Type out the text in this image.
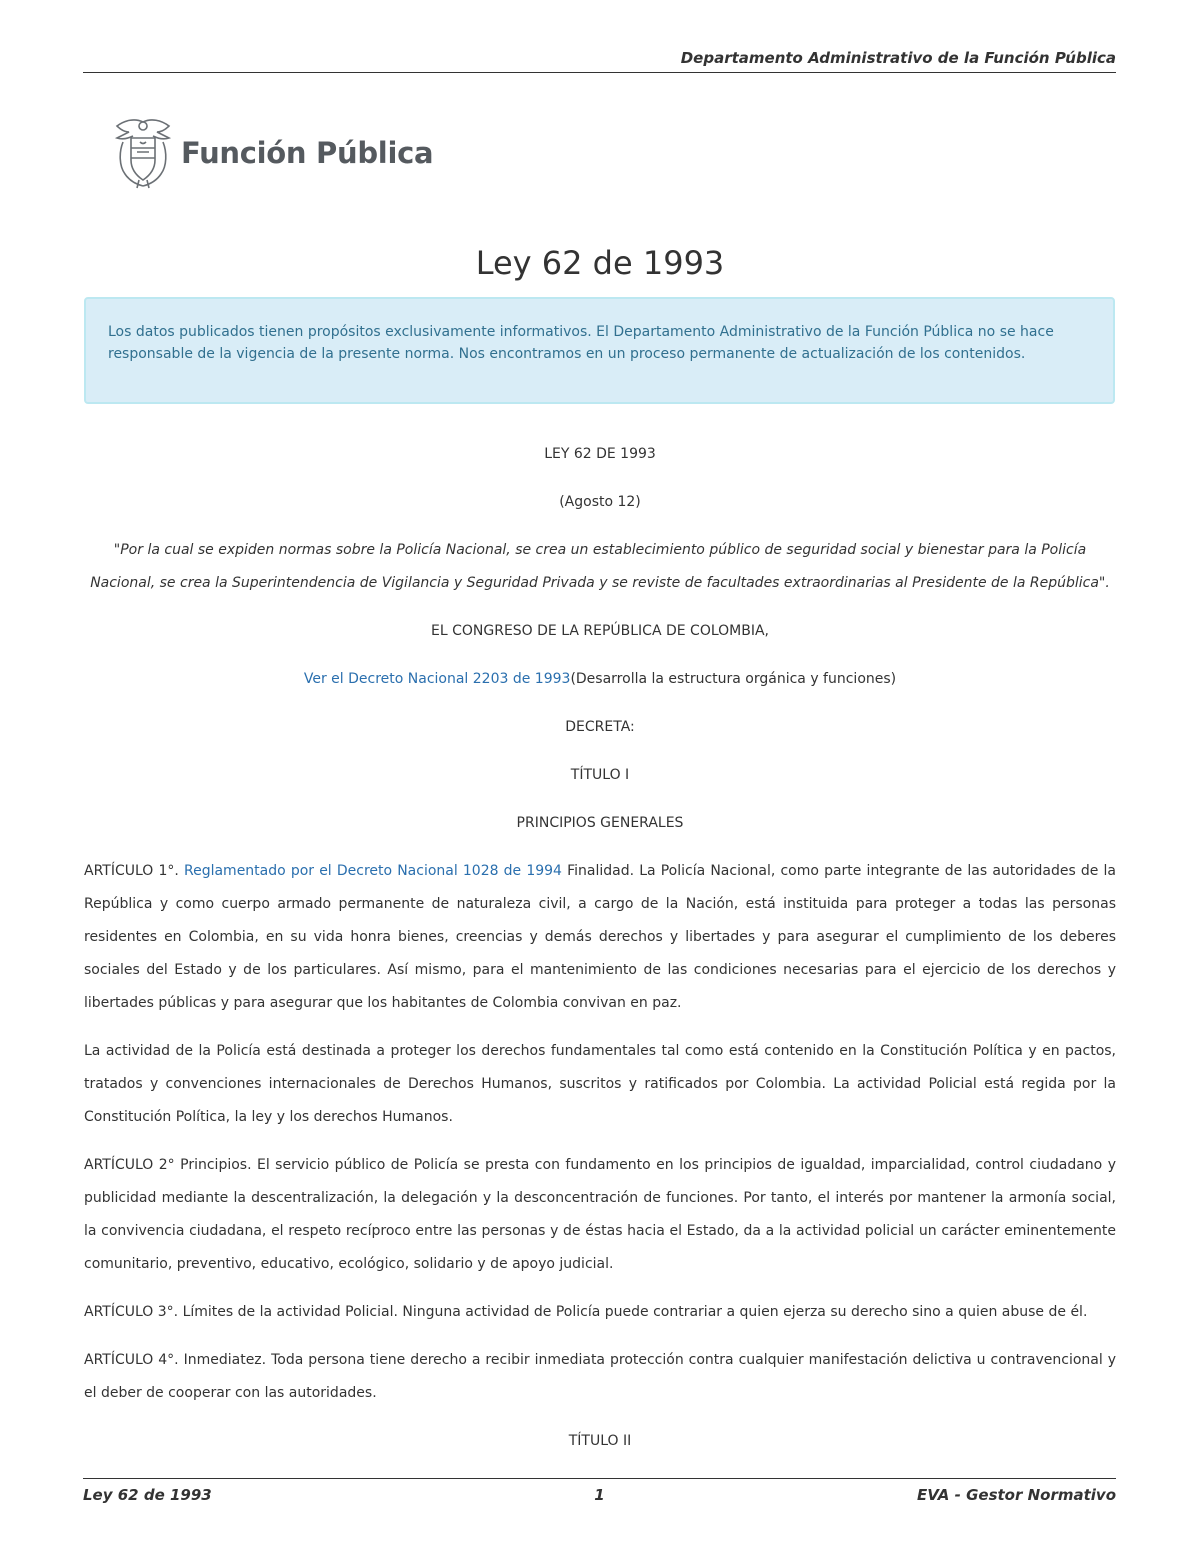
Departamento Administrativo de la Función Pública
Función Pública
Ley 62 de 1993
Los datos publicados tienen propósitos exclusivamente informativos. El Departamento Administrativo de la Función Pública no se hace responsable de la vigencia de la presente norma. Nos encontramos en un proceso permanente de actualización de los contenidos.

LEY 62 DE 1993

(Agosto 12)

"Por la cual se expiden normas sobre la Policía Nacional, se crea un establecimiento público de seguridad social y bienestar para la Policía Nacional, se crea la Superintendencia de Vigilancia y Seguridad Privada y se reviste de facultades extraordinarias al Presidente de la República".

EL CONGRESO DE LA REPÚBLICA DE COLOMBIA,

Ver el Decreto Nacional 2203 de 1993(Desarrolla la estructura orgánica y funciones)

DECRETA:

TÍTULO I

PRINCIPIOS GENERALES

ARTÍCULO 1°. Reglamentado por el Decreto Nacional 1028 de 1994 Finalidad. La Policía Nacional, como parte integrante de las autoridades de la República y como cuerpo armado permanente de naturaleza civil, a cargo de la Nación, está instituida para proteger a todas las personas residentes en Colombia, en su vida honra bienes, creencias y demás derechos y libertades y para asegurar el cumplimiento de los deberes sociales del Estado y de los particulares. Así mismo, para el mantenimiento de las condiciones necesarias para el ejercicio de los derechos y libertades públicas y para asegurar que los habitantes de Colombia convivan en paz.

La actividad de la Policía está destinada a proteger los derechos fundamentales tal como está contenido en la Constitución Política y en pactos, tratados y convenciones internacionales de Derechos Humanos, suscritos y ratificados por Colombia. La actividad Policial está regida por la Constitución Política, la ley y los derechos Humanos.

ARTÍCULO 2° Principios. El servicio público de Policía se presta con fundamento en los principios de igualdad, imparcialidad, control ciudadano y publicidad mediante la descentralización, la delegación y la desconcentración de funciones. Por tanto, el interés por mantener la armonía social, la convivencia ciudadana, el respeto recíproco entre las personas y de éstas hacia el Estado, da a la actividad policial un carácter eminentemente comunitario, preventivo, educativo, ecológico, solidario y de apoyo judicial.

ARTÍCULO 3°. Límites de la actividad Policial. Ninguna actividad de Policía puede contrariar a quien ejerza su derecho sino a quien abuse de él.

ARTÍCULO 4°. Inmediatez. Toda persona tiene derecho a recibir inmediata protección contra cualquier manifestación delictiva u contravencional y el deber de cooperar con las autoridades.

TÍTULO II

Ley 62 de 1993	1	EVA - Gestor Normativo
